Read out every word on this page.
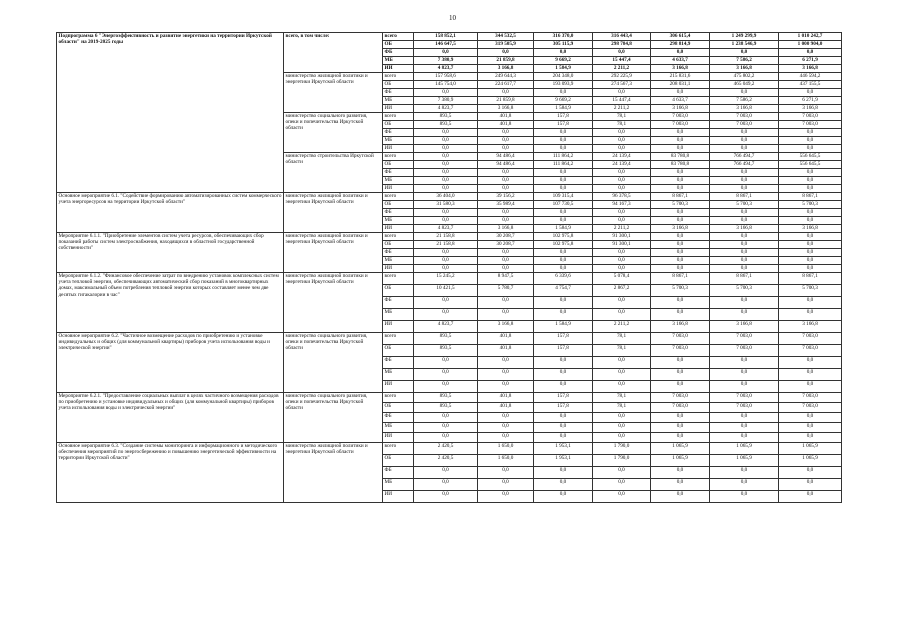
10
Подпрограмма 6 "Энергоэффективность и развитие энергетики на территории Иркутской области" на 2019-2025 годы	всего, в том числе:	всего	158 852,1	344 532,5	316 370,0	316 443,4	306 615,4	1 249 299,9	1 010 242,7
		ОБ	146 647,5	319 505,9	305 115,9	298 784,8	298 814,9	1 238 546,9	1 000 904,0
		ФБ	0,0	0,0	0,0	0,0	0,0	0,0	0,0
		МБ	7 380,9	21 859,8	9 669,2	15 447,4	4 633,7	7 586,2	6 271,9
		ИИ	4 823,7	3 166,8	1 584,9	2 211,2	3 166,8	3 166,8	3 166,8
	министерство жилищной политики и энергетики Иркутской области	всего	157 958,6	249 644,3	204 348,0	292 225,9	215 831,6	475 802,2	446 594,2
		ОБ	145 754,0	224 617,7	193 093,9	274 567,3	208 031,1	465 049,2	437 155,5
		ФБ	0,0	0,0	0,0	0,0	0,0	0,0	0,0
		МБ	7 380,9	21 859,8	9 669,2	15 447,4	4 633,7	7 586,2	6 271,9
		ИИ	4 823,7	3 166,8	1 584,9	2 211,2	3 166,8	3 166,8	3 166,8
	министерство социального развития, опеки и попечительства Иркутской области	всего	893,5	401,8	157,8	78,1	7 003,0	7 003,0	7 003,0
		ОБ	893,5	401,8	157,8	78,1	7 003,0	7 003,0	7 003,0
		ФБ	0,0	0,0	0,0	0,0	0,0	0,0	0,0
		МБ	0,0	0,0	0,0	0,0	0,0	0,0	0,0
		ИИ	0,0	0,0	0,0	0,0	0,0	0,0	0,0
	министерство строительства Иркутской области	всего	0,0	94 486,4	111 864,2	24 139,4	83 780,8	766 494,7	556 645,5
		ОБ	0,0	94 486,4	111 864,2	24 139,4	83 780,8	766 494,7	556 645,5
		ФБ	0,0	0,0	0,0	0,0	0,0	0,0	0,0
		МБ	0,0	0,0	0,0	0,0	0,0	0,0	0,0
		ИИ	0,0	0,0	0,0	0,0	0,0	0,0	0,0
Основное мероприятие 6.1. "Содействие формированию автоматизированных систем коммерческого учета энергоресурсов на территории Иркутской области"	министерство жилищной политики и энергетики Иркутской области	всего	36 404,0	39 156,2	109 315,4	96 378,5	8 867,1	8 867,1	8 867,1
		ОБ	31 580,3	35 989,4	107 730,5	94 167,3	5 700,3	5 700,3	5 700,3
		ФБ	0,0	0,0	0,0	0,0	0,0	0,0	0,0
		МБ	0,0	0,0	0,0	0,0	0,0	0,0	0,0
		ИИ	4 823,7	3 166,8	1 584,9	2 211,2	3 166,8	3 166,8	3 166,8
Мероприятие 6.1.1. "Приобретение элементов систем учета ресурсов, обеспечивающих сбор показаний работы систем электроснабжения, находящихся в областной государственной собственности"	министерство жилищной политики и энергетики Иркутской области	всего	21 158,8	30 208,7	102 975,8	91 300,1	0,0	0,0	0,0
		ОБ	21 158,8	30 208,7	102 975,8	91 300,1	0,0	0,0	0,0
		ФБ	0,0	0,0	0,0	0,0	0,0	0,0	0,0
		МБ	0,0	0,0	0,0	0,0	0,0	0,0	0,0
		ИИ	0,0	0,0	0,0	0,0	0,0	0,0	0,0
Мероприятие 6.1.2. "Финансовое обеспечение затрат по внедрению установок комплексных систем учета тепловой энергии, обеспечивающих автоматический сбор показаний в многоквартирных домах, максимальный объем потребления тепловой энергии которых составляет менее чем две десятых гигакалории в час"	министерство жилищной политики и энергетики Иркутской области	всего	15 245,2	8 947,5	6 339,6	5 078,4	8 867,1	8 867,1	8 867,1
		ОБ	10 421,5	5 780,7	4 754,7	2 867,2	5 700,3	5 700,3	5 700,3
		ФБ	0,0	0,0	0,0	0,0	0,0	0,0	0,0
		МБ	0,0	0,0	0,0	0,0	0,0	0,0	0,0
		ИИ	4 823,7	3 166,8	1 584,9	2 211,2	3 166,8	3 166,8	3 166,8
Основное мероприятие 6.2. "Частичное возмещение расходов по приобретению и установке индивидуальных и общих (для коммунальной квартиры) приборов учета использования воды и электрической энергии"	министерство социального развития, опеки и попечительства Иркутской области	всего	893,5	401,8	157,8	78,1	7 003,0	7 003,0	7 003,0
		ОБ	893,5	401,8	157,8	78,1	7 003,0	7 003,0	7 003,0
		ФБ	0,0	0,0	0,0	0,0	0,0	0,0	0,0
		МБ	0,0	0,0	0,0	0,0	0,0	0,0	0,0
		ИИ	0,0	0,0	0,0	0,0	0,0	0,0	0,0
Мероприятие 6.2.1. "Предоставление социальных выплат в целях частичного возмещения расходов по приобретению и установке индивидуальных и общих (для коммунальной квартиры) приборов учета использования воды и электрической энергии"	министерство социального развития, опеки и попечительства Иркутской области	всего	893,5	401,8	157,8	78,1	7 003,0	7 003,0	7 003,0
		ОБ	893,5	401,8	157,8	78,1	7 003,0	7 003,0	7 003,0
		ФБ	0,0	0,0	0,0	0,0	0,0	0,0	0,0
		МБ	0,0	0,0	0,0	0,0	0,0	0,0	0,0
		ИИ	0,0	0,0	0,0	0,0	0,0	0,0	0,0
Основное мероприятие 6.3. "Создание системы мониторинга и информационного и методического обеспечения мероприятий по энергосбережению и повышению энергетической эффективности на территории Иркутской области"	министерство жилищной политики и энергетики Иркутской области	всего	2 420,5	1 650,0	1 953,1	1 790,0	1 065,9	1 065,9	1 065,9
		ОБ	2 420,5	1 650,0	1 953,1	1 790,0	1 065,9	1 065,9	1 065,9
		ФБ	0,0	0,0	0,0	0,0	0,0	0,0	0,0
		МБ	0,0	0,0	0,0	0,0	0,0	0,0	0,0
		ИИ	0,0	0,0	0,0	0,0	0,0	0,0	0,0
